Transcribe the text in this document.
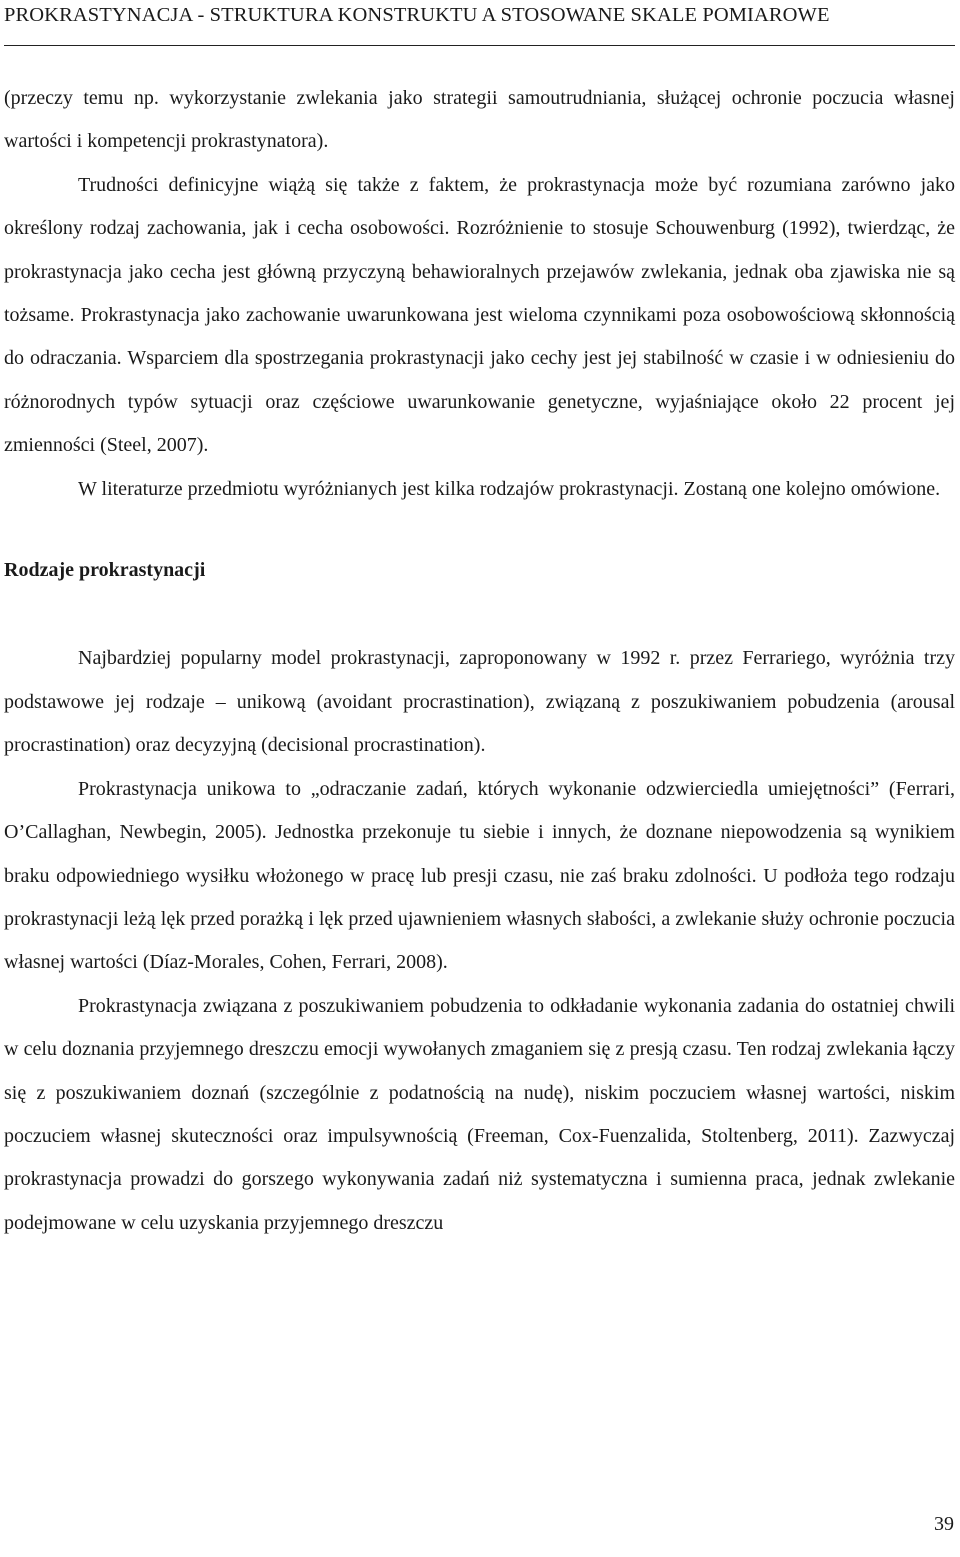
PROKRASTYNACJA - STRUKTURA KONSTRUKTU A STOSOWANE SKALE POMIAROWE

(przeczy temu np. wykorzystanie zwlekania jako strategii samoutrudniania, służącej ochronie poczucia własnej wartości i kompetencji prokrastynatora).

Trudności definicyjne wiążą się także z faktem, że prokrastynacja może być rozumiana zarówno jako określony rodzaj zachowania, jak i cecha osobowości. Rozróżnienie to stosuje Schouwenburg (1992), twierdząc, że prokrastynacja jako cecha jest główną przyczyną behawioralnych przejawów zwlekania, jednak oba zjawiska nie są tożsame. Prokrastynacja jako zachowanie uwarunkowana jest wieloma czynnikami poza osobowościową skłonnością do odraczania. Wsparciem dla spostrzegania prokrastynacji jako cechy jest jej stabilność w czasie i w odniesieniu do różnorodnych typów sytuacji oraz częściowe uwarunkowanie genetyczne, wyjaśniające około 22 procent jej zmienności (Steel, 2007).

W literaturze przedmiotu wyróżnianych jest kilka rodzajów prokrastynacji. Zostaną one kolejno omówione.

Rodzaje prokrastynacji

Najbardziej popularny model prokrastynacji, zaproponowany w 1992 r. przez Ferrariego, wyróżnia trzy podstawowe jej rodzaje – unikową (avoidant procrastination), związaną z poszukiwaniem pobudzenia (arousal procrastination) oraz decyzyjną (decisional procrastination).

Prokrastynacja unikowa to „odraczanie zadań, których wykonanie odzwierciedla umiejętności” (Ferrari, O’Callaghan, Newbegin, 2005). Jednostka przekonuje tu siebie i innych, że doznane niepowodzenia są wynikiem braku odpowiedniego wysiłku włożonego w pracę lub presji czasu, nie zaś braku zdolności. U podłoża tego rodzaju prokrastynacji leżą lęk przed porażką i lęk przed ujawnieniem własnych słabości, a zwlekanie służy ochronie poczucia własnej wartości (Díaz-Morales, Cohen, Ferrari, 2008).

Prokrastynacja związana z poszukiwaniem pobudzenia to odkładanie wykonania zadania do ostatniej chwili w celu doznania przyjemnego dreszczu emocji wywołanych zmaganiem się z presją czasu. Ten rodzaj zwlekania łączy się z poszukiwaniem doznań (szczególnie z podatnością na nudę), niskim poczuciem własnej wartości, niskim poczuciem własnej skuteczności oraz impulsywnością (Freeman, Cox-Fuenzalida, Stoltenberg, 2011). Zazwyczaj prokrastynacja prowadzi do gorszego wykonywania zadań niż systematyczna i sumienna praca, jednak zwlekanie podejmowane w celu uzyskania przyjemnego dreszczu

39
